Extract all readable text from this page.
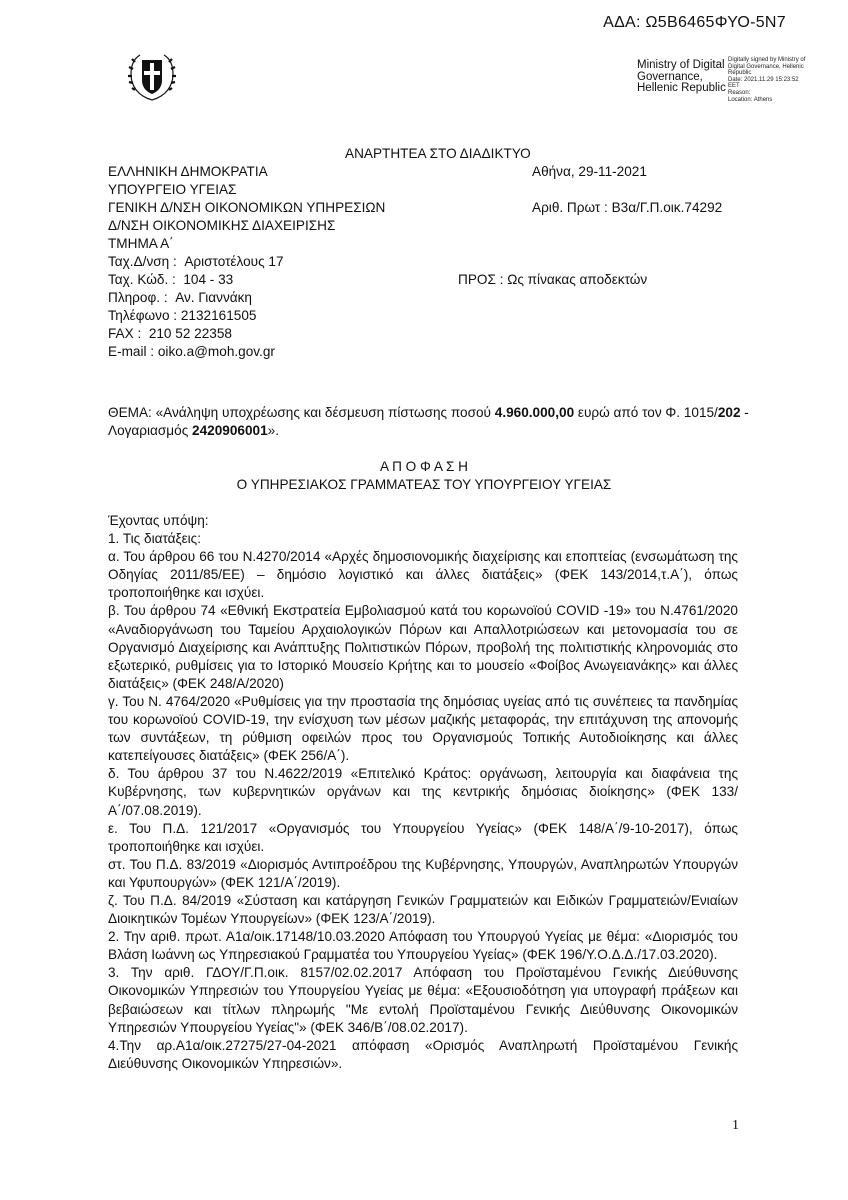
ΑΔΑ: Ω5Β6465ΦΥΟ-5Ν7
Ministry of Digital
Governance,
Hellenic Republic
Digitally signed by Ministry of
Digital Governance, Hellenic
Republic
Date: 2021.11.29 15:23:52
EET
Reason:
Location: Athens
ΑΝΑΡΤΗΤΕΑ ΣΤΟ ΔΙΑΔΙΚΤΥΟ
ΕΛΛΗΝΙΚΗ ΔΗΜΟΚΡΑΤΙΑ
ΥΠΟΥΡΓΕΙΟ ΥΓΕΙΑΣ
ΓΕΝΙΚΗ Δ/ΝΣΗ ΟΙΚΟΝΟΜΙΚΩΝ ΥΠΗΡΕΣΙΩΝ
Δ/ΝΣΗ ΟΙΚΟΝΟΜΙΚΗΣ ΔΙΑΧΕΙΡΙΣΗΣ
ΤΜΗΜΑ Α΄
Αθήνα, 29-11-2021
Αριθ. Πρωτ : Β3α/Γ.Π.οικ.74292
ΠΡΟΣ : Ως πίνακας αποδεκτών
Ταχ.Δ/νση : Αριστοτέλους 17
Ταχ. Κώδ. : 104 - 33
Πληροφ. : Αν. Γιαννάκη
Τηλέφωνο : 2132161505
FAX : 210 52 22358
E-mail : oiko.a@moh.gov.gr
ΘΕΜΑ: «Ανάληψη υποχρέωσης και δέσμευση πίστωσης ποσού 4.960.000,00 ευρώ από τον Φ. 1015/202 -
Λογαριασμός 2420906001».
Α Π Ο Φ Α Σ Η
Ο ΥΠΗΡΕΣΙΑΚΟΣ ΓΡΑΜΜΑΤΕΑΣ ΤΟΥ ΥΠΟΥΡΓΕΙΟΥ ΥΓΕΙΑΣ

Έχοντας υπόψη:

1. Τις διατάξεις:

α. Του άρθρου 66 του Ν.4270/2014 «Αρχές δημοσιονομικής διαχείρισης και εποπτείας (ενσωμάτωση της Οδηγίας 2011/85/ΕΕ) – δημόσιο λογιστικό και άλλες διατάξεις» (ΦΕΚ 143/2014,τ.Α΄), όπως τροποποιήθηκε και ισχύει.

β. Του άρθρου 74 «Εθνική Εκστρατεία Εμβολιασμού κατά του κορωνοϊού COVID -19» του Ν.4761/2020 «Αναδιοργάνωση του Ταμείου Αρχαιολογικών Πόρων και Απαλλοτριώσεων και μετονομασία του σε Οργανισμό Διαχείρισης και Ανάπτυξης Πολιτιστικών Πόρων, προβολή της πολιτιστικής κληρονομιάς στο εξωτερικό, ρυθμίσεις για το Ιστορικό Μουσείο Κρήτης και το μουσείο «Φοίβος Ανωγειανάκης» και άλλες διατάξεις» (ΦΕΚ 248/Α/2020)

γ. Του Ν. 4764/2020 «Ρυθμίσεις για την προστασία της δημόσιας υγείας από τις συνέπειες τα πανδημίας του κορωνοϊού COVID-19, την ενίσχυση των μέσων μαζικής μεταφοράς, την επιτάχυνση της απονομής των συντάξεων, τη ρύθμιση οφειλών προς του Οργανισμούς Τοπικής Αυτοδιοίκησης και άλλες κατεπείγουσες διατάξεις» (ΦΕΚ 256/Α΄).

δ. Του άρθρου 37 του Ν.4622/2019 «Επιτελικό Κράτος: οργάνωση, λειτουργία και διαφάνεια της Κυβέρνησης, των κυβερνητικών οργάνων και της κεντρικής δημόσιας διοίκησης» (ΦΕΚ 133/Α΄/07.08.2019).

ε. Του Π.Δ. 121/2017 «Οργανισμός του Υπουργείου Υγείας» (ΦΕΚ 148/Α΄/9-10-2017), όπως τροποποιήθηκε και ισχύει.

στ. Του Π.Δ. 83/2019 «Διορισμός Αντιπροέδρου της Κυβέρνησης, Υπουργών, Αναπληρωτών Υπουργών και Υφυπουργών» (ΦΕΚ 121/Α΄/2019).

ζ. Του Π.Δ. 84/2019 «Σύσταση και κατάργηση Γενικών Γραμματειών και Ειδικών Γραμματειών/Ενιαίων Διοικητικών Τομέων Υπουργείων» (ΦΕΚ 123/Α΄/2019).

2. Την αριθ. πρωτ. Α1α/οικ.17148/10.03.2020 Απόφαση του Υπουργού Υγείας με θέμα: «Διορισμός του Βλάση Ιωάννη ως Υπηρεσιακού Γραμματέα του Υπουργείου Υγείας» (ΦΕΚ 196/Υ.Ο.Δ.Δ./17.03.2020).

3. Την αριθ. ΓΔΟΥ/Γ.Π.οικ. 8157/02.02.2017 Απόφαση του Προϊσταμένου Γενικής Διεύθυνσης Οικονομικών Υπηρεσιών του Υπουργείου Υγείας με θέμα: «Εξουσιοδότηση για υπογραφή πράξεων και βεβαιώσεων και τίτλων πληρωμής "Με εντολή Προϊσταμένου Γενικής Διεύθυνσης Οικονομικών Υπηρεσιών Υπουργείου Υγείας"» (ΦΕΚ 346/Β΄/08.02.2017).

4.Την αρ.Α1α/οικ.27275/27-04-2021 απόφαση «Ορισμός Αναπληρωτή Προϊσταμένου Γενικής Διεύθυνσης Οικονομικών Υπηρεσιών».

1
